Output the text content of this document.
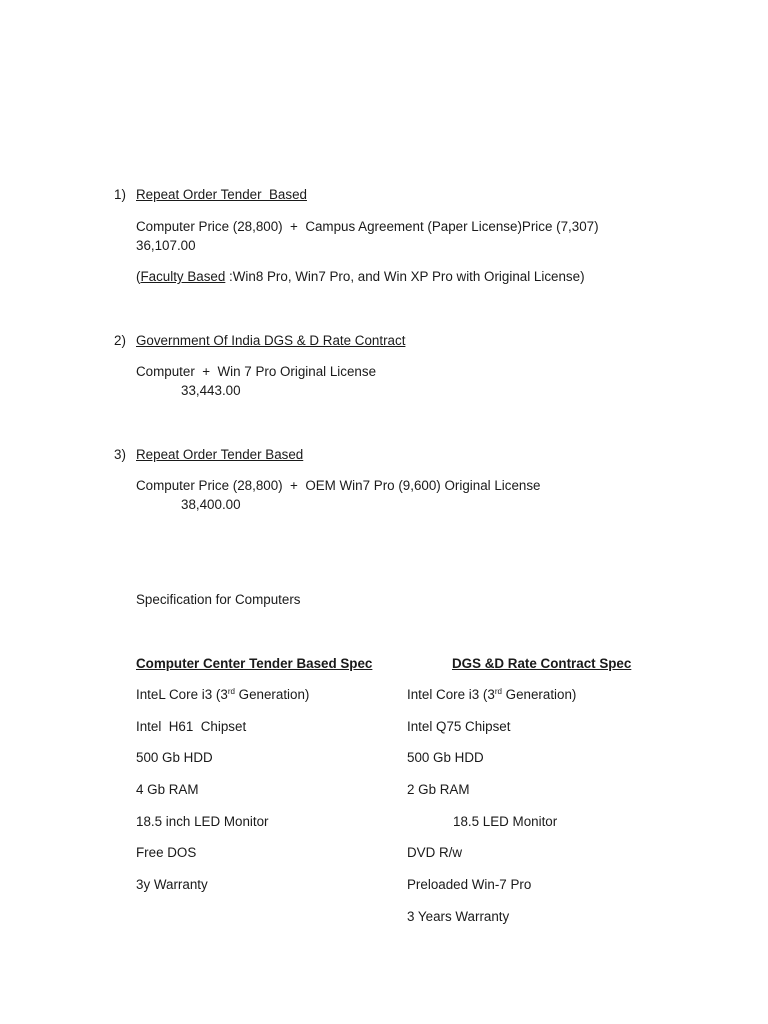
1) Repeat Order Tender  Based
Computer Price (28,800)  +  Campus Agreement (Paper License)Price (7,307)
36,107.00
(Faculty Based :Win8 Pro, Win7 Pro, and Win XP Pro with Original License)
2) Government Of India DGS & D Rate Contract
Computer  +  Win 7 Pro Original License
33,443.00
3) Repeat Order Tender Based
Computer Price (28,800)  +  OEM Win7 Pro (9,600) Original License
38,400.00
Specification for Computers
Computer Center Tender Based Spec
InteL Core i3 (3rd Generation)
Intel  H61  Chipset
500 Gb HDD
4 Gb RAM
18.5 inch LED Monitor
Free DOS
3y Warranty
DGS &D Rate Contract Spec
Intel Core i3 (3rd Generation)
Intel Q75 Chipset
500 Gb HDD
2 Gb RAM
18.5 LED Monitor
DVD R/w
Preloaded Win-7 Pro
3 Years Warranty
